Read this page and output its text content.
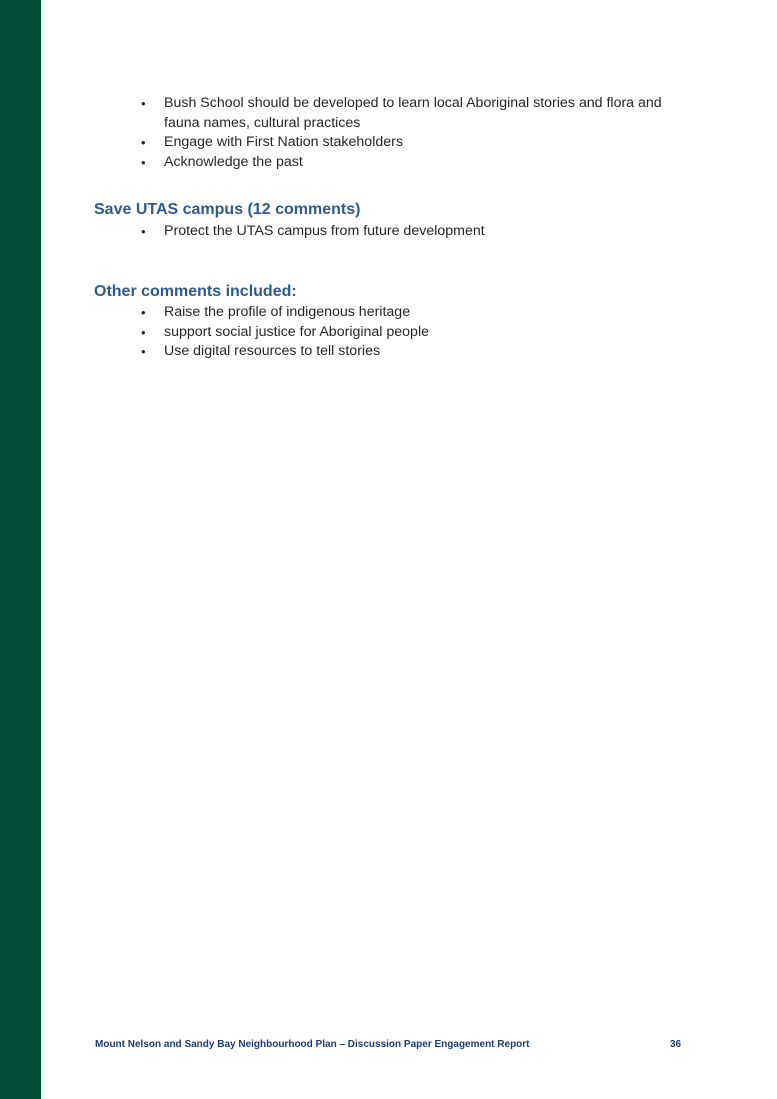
• Bush School should be developed to learn local Aboriginal stories and flora and fauna names, cultural practices
• Engage with First Nation stakeholders
• Acknowledge the past
Save UTAS campus (12 comments)
• Protect the UTAS campus from future development
Other comments included:
• Raise the profile of indigenous heritage
• support social justice for Aboriginal people
• Use digital resources to tell stories
Mount Nelson and Sandy Bay Neighbourhood Plan – Discussion Paper Engagement Report	36
